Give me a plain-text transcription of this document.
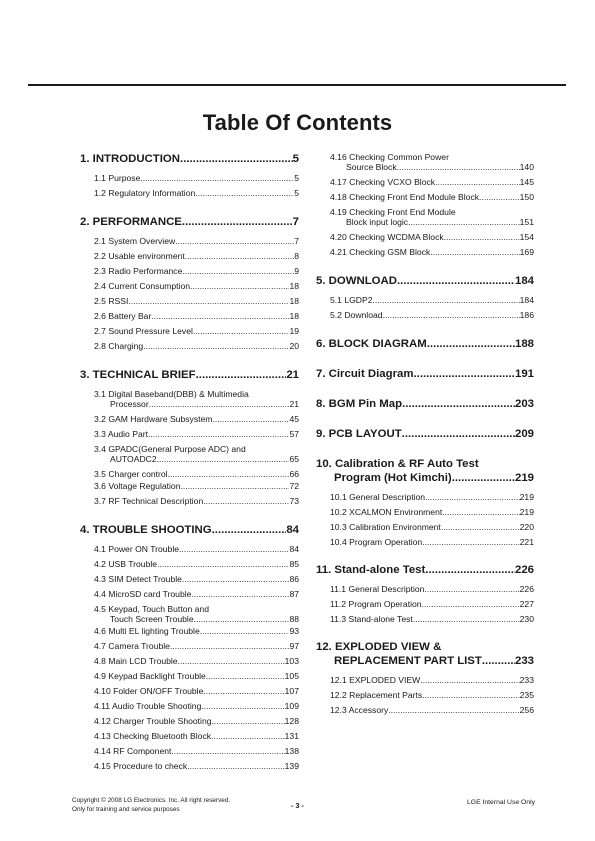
Table Of Contents
1. INTRODUCTION .....	5
1.1 Purpose .....	5
1.2 Regulatory Information .....	5
2. PERFORMANCE .....	7
2.1 System Overview .....	7
2.2 Usable environment .....	8
2.3 Radio Performance .....	9
2.4 Current Consumption .....	18
2.5 RSSI .....	18
2.6 Battery Bar .....	18
2.7 Sound Pressure Level .....	19
2.8 Charging .....	20
3. TECHNICAL BRIEF .....	21
3.1 Digital Baseband(DBB) & Multimedia
Processor .....	21
3.2 GAM Hardware Subsystem .....	45
3.3 Audio Part .....	57
3.4 GPADC(General Purpose ADC) and
AUTOADC2 .....	65
3.5 Charger control .....	66
3.6 Voltage Regulation .....	72
3.7 RF Technical Description .....	73
4. TROUBLE SHOOTING .....	84
4.1 Power ON Trouble .....	84
4.2 USB Trouble .....	85
4.3 SIM Detect Trouble .....	86
4.4 MicroSD card Trouble .....	87
4.5 Keypad, Touch Button and
Touch Screen Trouble .....	88
4.6 Multi EL lighting Trouble .....	93
4.7 Camera Trouble .....	97
4.8 Main LCD Trouble .....	103
4.9 Keypad Backlight Trouble .....	105
4.10 Folder ON/OFF Trouble .....	107
4.11 Audio Trouble Shooting .....	109
4.12 Charger Trouble Shooting .....	128
4.13 Checking Bluetooth Block .....	131
4.14 RF Component .....	138
4.15 Procedure to check .....	139
4.16 Checking Common Power
Source Block .....	140
4.17 Checking VCXO Block .....	145
4.18 Checking Front End Module Block .....	150
4.19 Checking Front End Module
Block input logic .....	151
4.20 Checking WCDMA Block .....	154
4.21 Checking GSM Block .....	169
5. DOWNLOAD .....	184
5.1 LGDP2 .....	184
5.2 Download .....	186
6. BLOCK DIAGRAM .....	188
7. Circuit Diagram .....	191
8. BGM Pin Map .....	203
9. PCB LAYOUT .....	209
10. Calibration & RF Auto Test
Program (Hot Kimchi) .....	219
10.1 General Description .....	219
10.2 XCALMON Environment .....	219
10.3 Calibration Environment .....	220
10.4 Program Operation .....	221
11. Stand-alone Test .....	226
11.1 General Description .....	226
11.2 Program Operation .....	227
11.3 Stand-alone Test .....	230
12. EXPLODED VIEW &
REPLACEMENT PART LIST .....	233
12.1 EXPLODED VIEW .....	233
12.2 Replacement Parts .....	235
12.3 Accessory .....	256
Copyright © 2008 LG Electronics. Inc. All right reserved.
Only for training and service purposes	- 3 -	LGE Internal Use Only
